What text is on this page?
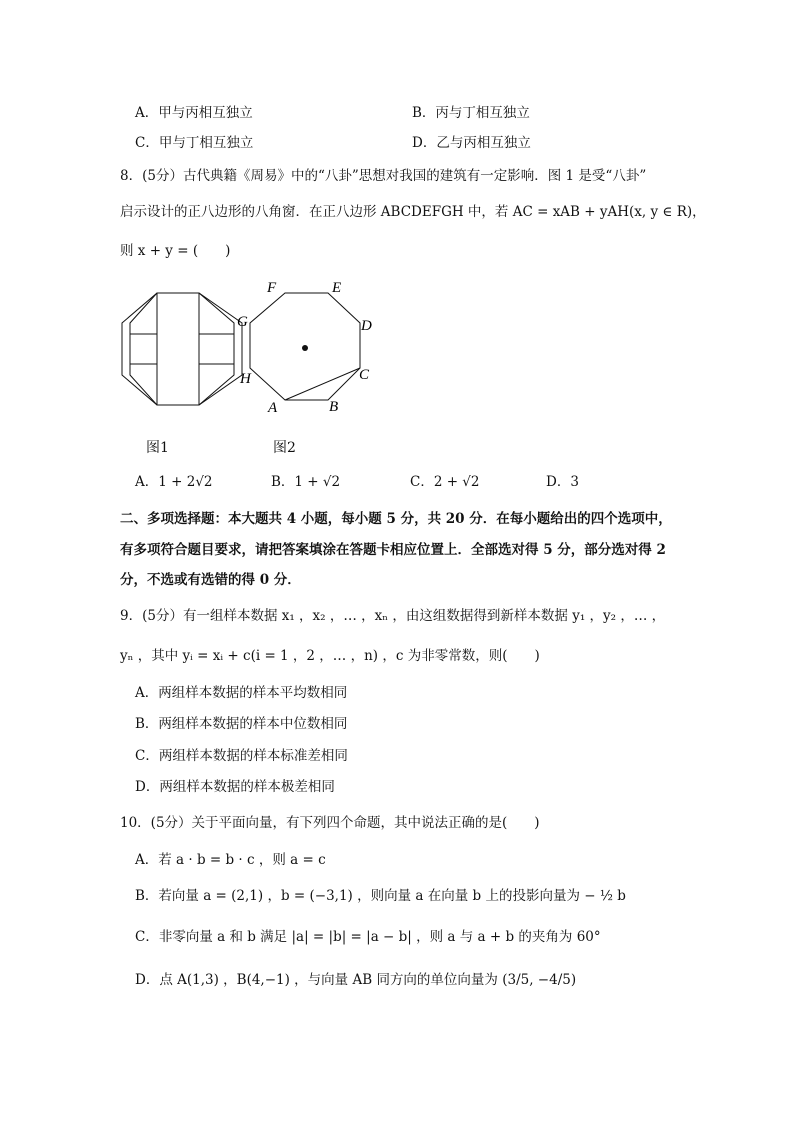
A．甲与丙相互独立	B．丙与丁相互独立
C．甲与丁相互独立	D．乙与丙相互独立
8．(5分）古代典籍《周易》中的“八卦”思想对我国的建筑有一定影响．图 1 是受“八卦”
启示设计的正八边形的八角窗．在正八边形 ABCDEFGH 中，若 AC = xAB + yAH(x, y ∈ R)，
则 x + y = (　　)
F	E
G	D
H	C
A	B
图1	图2
A．1 + 2√2	B．1 + √2	C．2 + √2	D．3
二、多项选择题：本大题共 4 小题，每小题 5 分，共 20 分．在每小题给出的四个选项中，
有多项符合题目要求，请把答案填涂在答题卡相应位置上．全部选对得 5 分，部分选对得 2
分，不选或有选错的得 0 分．
9．(5分）有一组样本数据 x₁ ，x₂ ，… ，xₙ ，由这组数据得到新样本数据 y₁ ，y₂ ，… ，
yₙ ，其中 yᵢ = xᵢ + c(i = 1 ，2 ，… ，n) ，c 为非零常数，则(　　)
A．两组样本数据的样本平均数相同
B．两组样本数据的样本中位数相同
C．两组样本数据的样本标准差相同
D．两组样本数据的样本极差相同
10．(5分）关于平面向量，有下列四个命题，其中说法正确的是(　　)
A．若 a · b = b · c ，则 a = c
B．若向量 a = (2,1) ，b = (−3,1) ，则向量 a 在向量 b 上的投影向量为 − ½ b
C．非零向量 a 和 b 满足 |a| = |b| = |a − b| ，则 a 与 a + b 的夹角为 60°
D．点 A(1,3) ，B(4,−1) ，与向量 AB 同方向的单位向量为 (3/5, −4/5)
